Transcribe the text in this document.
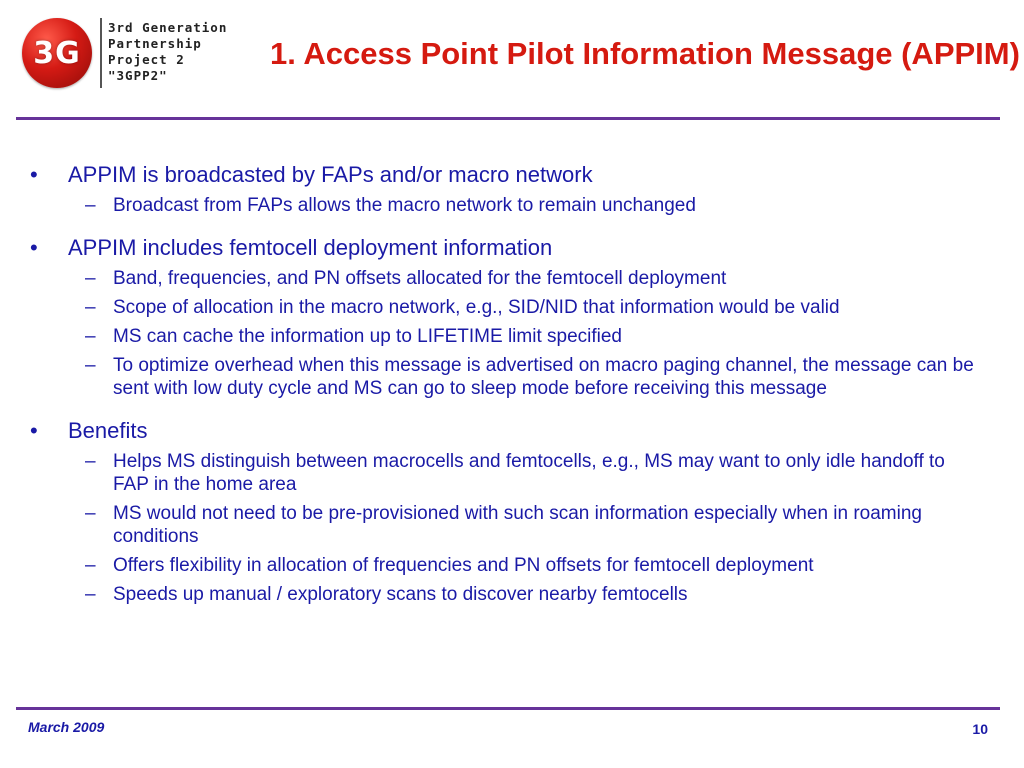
3G
3rd Generation
Partnership
Project 2
"3GPP2"
1. Access Point Pilot Information Message (APPIM)
• APPIM is broadcasted by FAPs and/or macro network
– Broadcast from FAPs allows the macro network to remain unchanged
• APPIM includes femtocell deployment information
– Band, frequencies, and PN offsets allocated for the femtocell deployment
– Scope of allocation in the macro network, e.g., SID/NID that information would be valid
– MS can cache the information up to LIFETIME limit specified
– To optimize overhead when this message is advertised on macro paging channel, the message can be sent with low duty cycle and MS can go to sleep mode before receiving this message
• Benefits
– Helps MS distinguish between macrocells and femtocells, e.g., MS may want to only idle handoff to FAP in the home area
– MS would not need to be pre-provisioned with such scan information especially when in roaming conditions
– Offers flexibility in allocation of frequencies and PN offsets for femtocell deployment
– Speeds up manual / exploratory scans to discover nearby femtocells
March 2009	10
